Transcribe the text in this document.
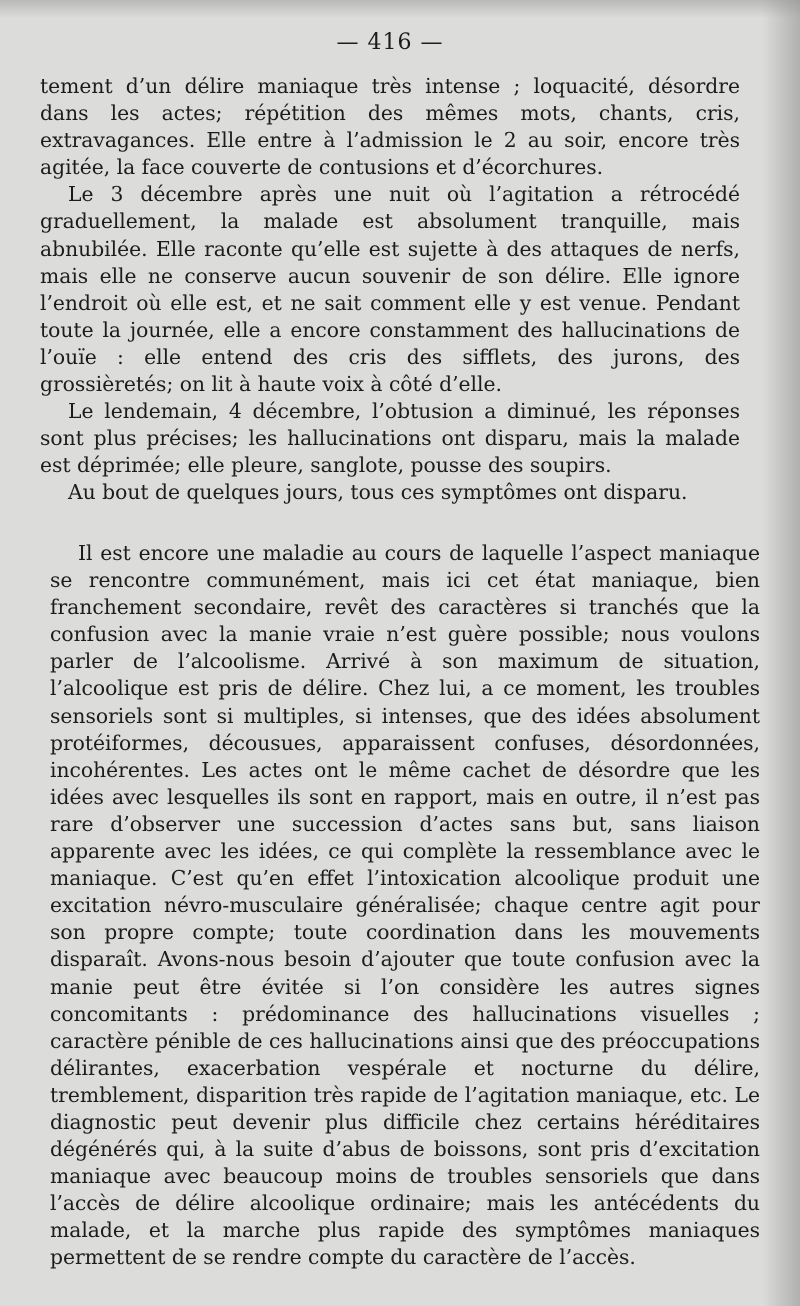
— 416 —

tement d’un délire maniaque très intense ; loquacité, désordre dans les actes; répétition des mêmes mots, chants, cris, extravagances. Elle entre à l’admission le 2 au soir, encore très agitée, la face couverte de contusions et d’écorchures.

Le 3 décembre après une nuit où l’agitation a rétrocédé graduellement, la malade est absolument tranquille, mais abnubilée. Elle raconte qu’elle est sujette à des attaques de nerfs, mais elle ne conserve aucun souvenir de son délire. Elle ignore l’endroit où elle est, et ne sait comment elle y est venue. Pendant toute la journée, elle a encore constamment des hallucinations de l’ouïe : elle entend des cris des sifflets, des jurons, des grossièretés; on lit à haute voix à côté d’elle.

Le lendemain, 4 décembre, l’obtusion a diminué, les réponses sont plus précises; les hallucinations ont disparu, mais la malade est déprimée; elle pleure, sanglote, pousse des soupirs.

Au bout de quelques jours, tous ces symptômes ont disparu.

Il est encore une maladie au cours de laquelle l’aspect maniaque se rencontre communément, mais ici cet état maniaque, bien franchement secondaire, revêt des caractères si tranchés que la confusion avec la manie vraie n’est guère possible; nous voulons parler de l’alcoolisme. Arrivé à son maximum de situation, l’alcoolique est pris de délire. Chez lui, a ce moment, les troubles sensoriels sont si multiples, si intenses, que des idées absolument protéiformes, décousues, apparaissent confuses, désordonnées, incohérentes. Les actes ont le même cachet de désordre que les idées avec lesquelles ils sont en rapport, mais en outre, il n’est pas rare d’observer une succession d’actes sans but, sans liaison apparente avec les idées, ce qui complète la ressemblance avec le maniaque. C’est qu’en effet l’intoxication alcoolique produit une excitation névro-musculaire généralisée; chaque centre agit pour son propre compte; toute coordination dans les mouvements disparaît. Avons-nous besoin d’ajouter que toute confusion avec la manie peut être évitée si l’on considère les autres signes concomitants : prédominance des hallucinations visuelles ; caractère pénible de ces hallucinations ainsi que des préoccupations délirantes, exacerbation vespérale et nocturne du délire, tremblement, disparition très rapide de l’agitation maniaque, etc. Le diagnostic peut devenir plus difficile chez certains héréditaires dégénérés qui, à la suite d’abus de boissons, sont pris d’excitation maniaque avec beaucoup moins de troubles sensoriels que dans l’accès de délire alcoolique ordinaire; mais les antécédents du malade, et la marche plus rapide des symptômes maniaques permettent de se rendre compte du caractère de l’accès.
